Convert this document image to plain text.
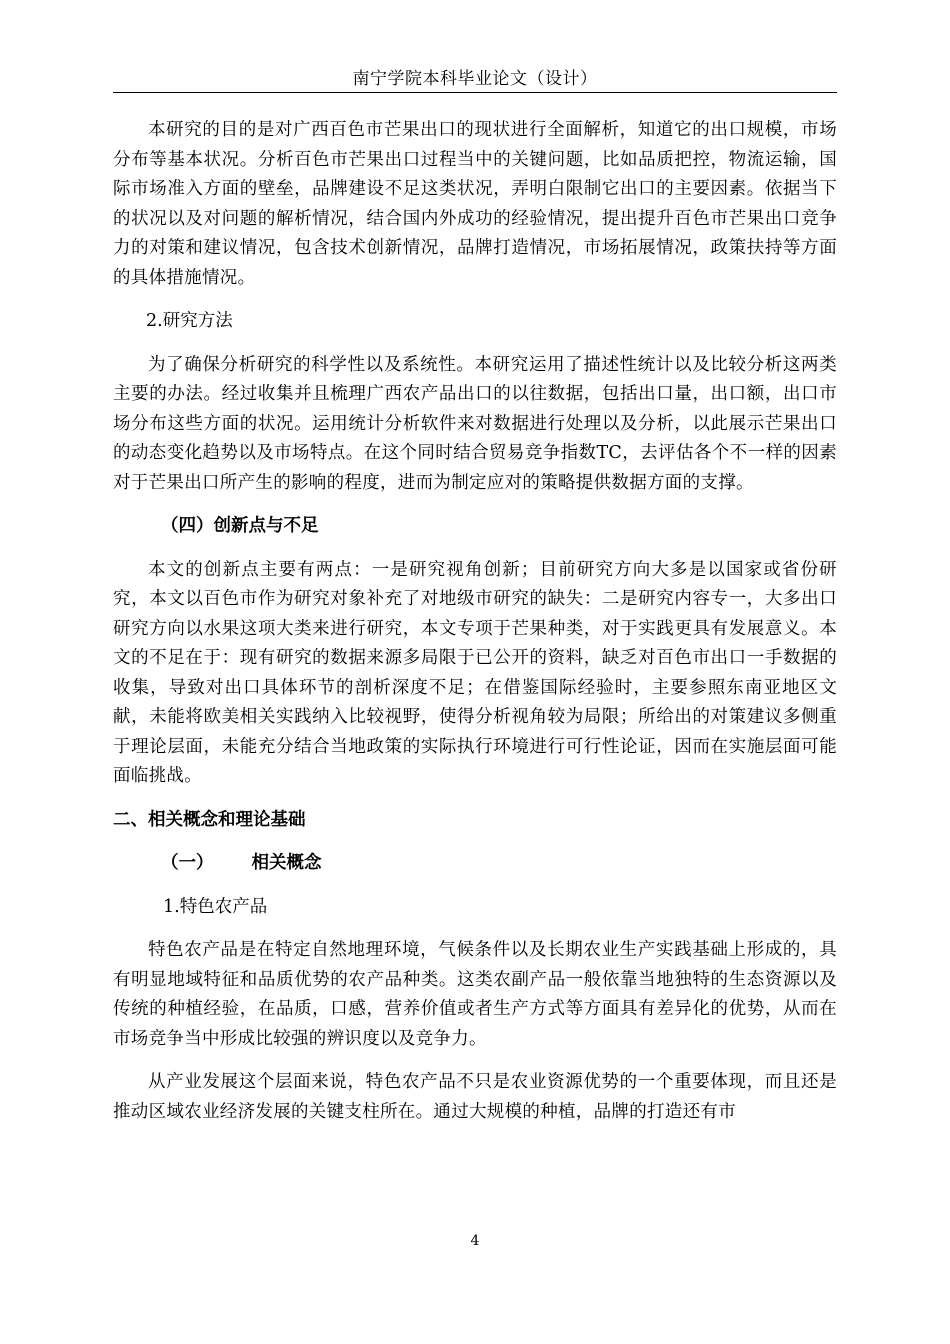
南宁学院本科毕业论文（设计）

本研究的目的是对广西百色市芒果出口的现状进行全面解析，知道它的出口规模，市场分布等基本状况。分析百色市芒果出口过程当中的关键问题，比如品质把控，物流运输，国际市场准入方面的壁垒，品牌建设不足这类状况，弄明白限制它出口的主要因素。依据当下的状况以及对问题的解析情况，结合国内外成功的经验情况，提出提升百色市芒果出口竞争力的对策和建议情况，包含技术创新情况，品牌打造情况，市场拓展情况，政策扶持等方面的具体措施情况。

2.研究方法

为了确保分析研究的科学性以及系统性。本研究运用了描述性统计以及比较分析这两类主要的办法。经过收集并且梳理广西农产品出口的以往数据，包括出口量，出口额，出口市场分布这些方面的状况。运用统计分析软件来对数据进行处理以及分析，以此展示芒果出口的动态变化趋势以及市场特点。在这个同时结合贸易竞争指数TC，去评估各个不一样的因素对于芒果出口所产生的影响的程度，进而为制定应对的策略提供数据方面的支撑。

（四）创新点与不足

本文的创新点主要有两点：一是研究视角创新；目前研究方向大多是以国家或省份研究，本文以百色市作为研究对象补充了对地级市研究的缺失：二是研究内容专一，大多出口研究方向以水果这项大类来进行研究，本文专项于芒果种类，对于实践更具有发展意义。本文的不足在于：现有研究的数据来源多局限于已公开的资料，缺乏对百色市出口一手数据的收集，导致对出口具体环节的剖析深度不足；在借鉴国际经验时，主要参照东南亚地区文献，未能将欧美相关实践纳入比较视野，使得分析视角较为局限；所给出的对策建议多侧重于理论层面，未能充分结合当地政策的实际执行环境进行可行性论证，因而在实施层面可能面临挑战。

二、相关概念和理论基础
（一） 相关概念
1.特色农产品

特色农产品是在特定自然地理环境，气候条件以及长期农业生产实践基础上形成的，具有明显地域特征和品质优势的农产品种类。这类农副产品一般依靠当地独特的生态资源以及传统的种植经验，在品质，口感，营养价值或者生产方式等方面具有差异化的优势，从而在市场竞争当中形成比较强的辨识度以及竞争力。

从产业发展这个层面来说，特色农产品不只是农业资源优势的一个重要体现，而且还是推动区域农业经济发展的关键支柱所在。通过大规模的种植，品牌的打造还有市

4
